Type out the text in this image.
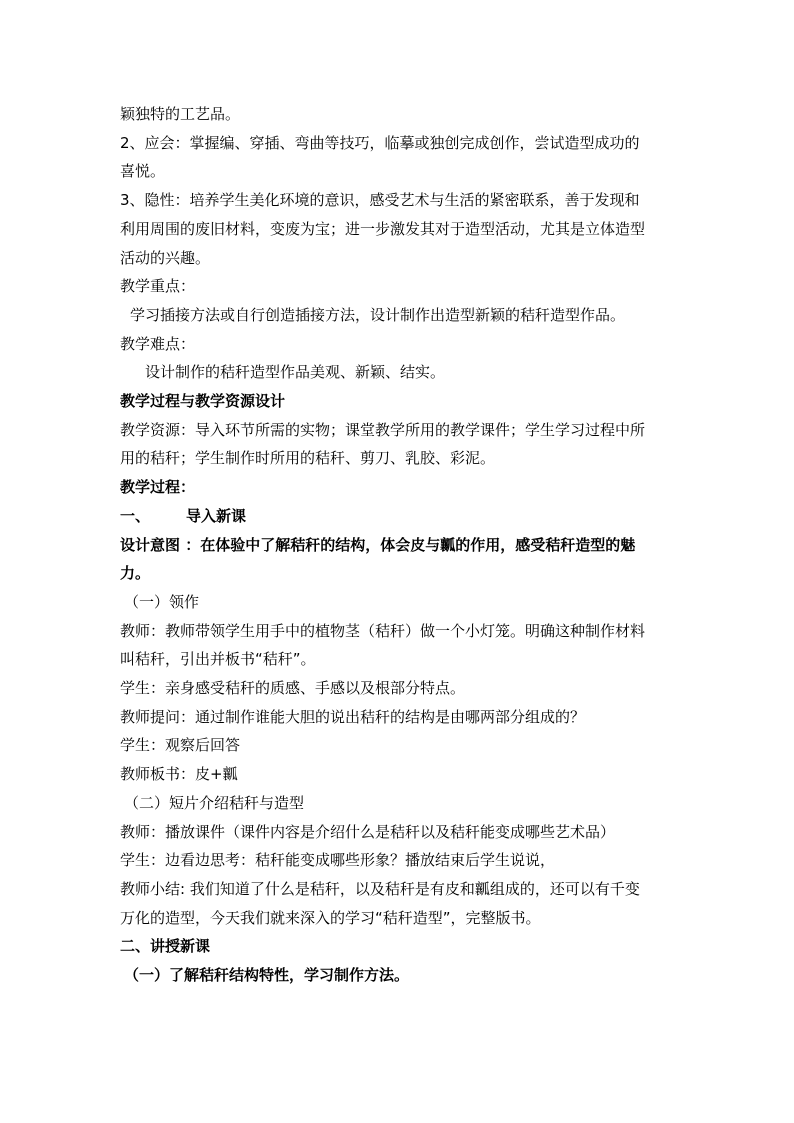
颖独特的工艺品。
2、应会：掌握编、穿插、弯曲等技巧，临摹或独创完成创作，尝试造型成功的
喜悦。
3、隐性：培养学生美化环境的意识，感受艺术与生活的紧密联系，善于发现和
利用周围的废旧材料，变废为宝；进一步激发其对于造型活动，尤其是立体造型
活动的兴趣。
教学重点：
学习插接方法或自行创造插接方法，设计制作出造型新颖的秸秆造型作品。
教学难点：
设计制作的秸秆造型作品美观、新颖、结实。
教学过程与教学资源设计
教学资源：导入环节所需的实物；课堂教学所用的教学课件；学生学习过程中所
用的秸秆；学生制作时所用的秸秆、剪刀、乳胶、彩泥。
教学过程：
一、 导入新课
设计意图 ：在体验中了解秸秆的结构，体会皮与瓤的作用，感受秸秆造型的魅
力。
（一）领作
教师：教师带领学生用手中的植物茎（秸秆）做一个小灯笼。明确这种制作材料
叫秸秆，引出并板书“秸秆”。
学生：亲身感受秸秆的质感、手感以及根部分特点。
教师提问：通过制作谁能大胆的说出秸秆的结构是由哪两部分组成的？
学生：观察后回答
教师板书：皮+瓤
（二）短片介绍秸秆与造型
教师：播放课件（课件内容是介绍什么是秸秆以及秸秆能变成哪些艺术品）
学生：边看边思考：秸秆能变成哪些形象？播放结束后学生说说，
教师小结: 我们知道了什么是秸秆，以及秸秆是有皮和瓤组成的，还可以有千变
万化的造型，今天我们就来深入的学习“秸秆造型”，完整版书。
二、讲授新课
（一）了解秸秆结构特性，学习制作方法。
